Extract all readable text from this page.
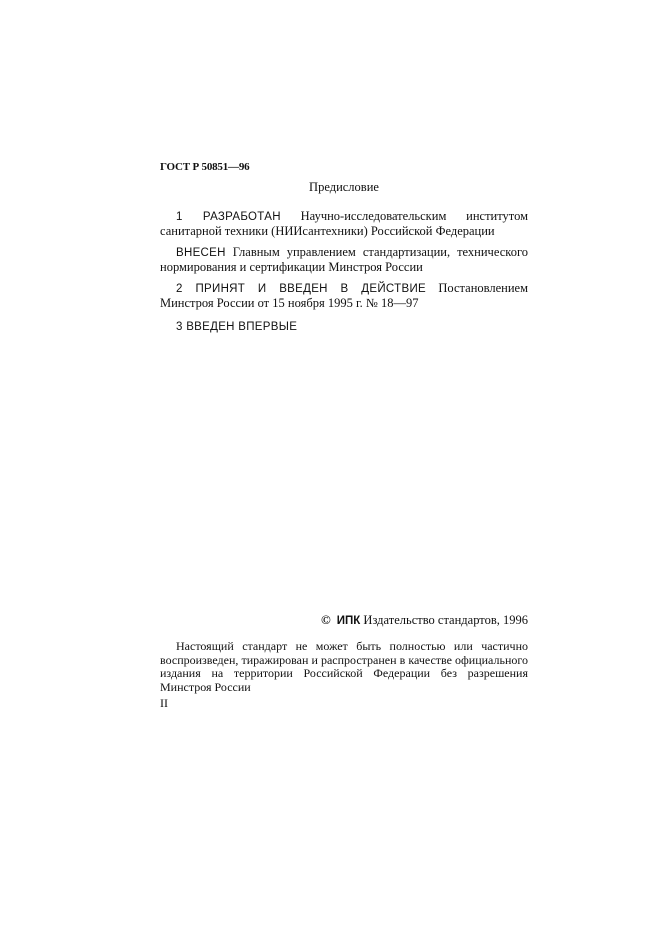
ГОСТ Р 50851—96
Предисловие

1 РАЗРАБОТАН Научно-исследовательским институтом санитарной техники (НИИсантехники) Российской Федерации

ВНЕСЕН Главным управлением стандартизации, технического нормирования и сертификации Минстроя России

2 ПРИНЯТ И ВВЕДЕН В ДЕЙСТВИЕ Постановлением Минстроя России от 15 ноября 1995 г. № 18—97

3 ВВЕДЕН ВПЕРВЫЕ

© ИПК Издательство стандартов, 1996

Настоящий стандарт не может быть полностью или частично воспроизведен, тиражирован и распространен в качестве официального издания на территории Российской Федерации без разрешения Минстроя России

II
